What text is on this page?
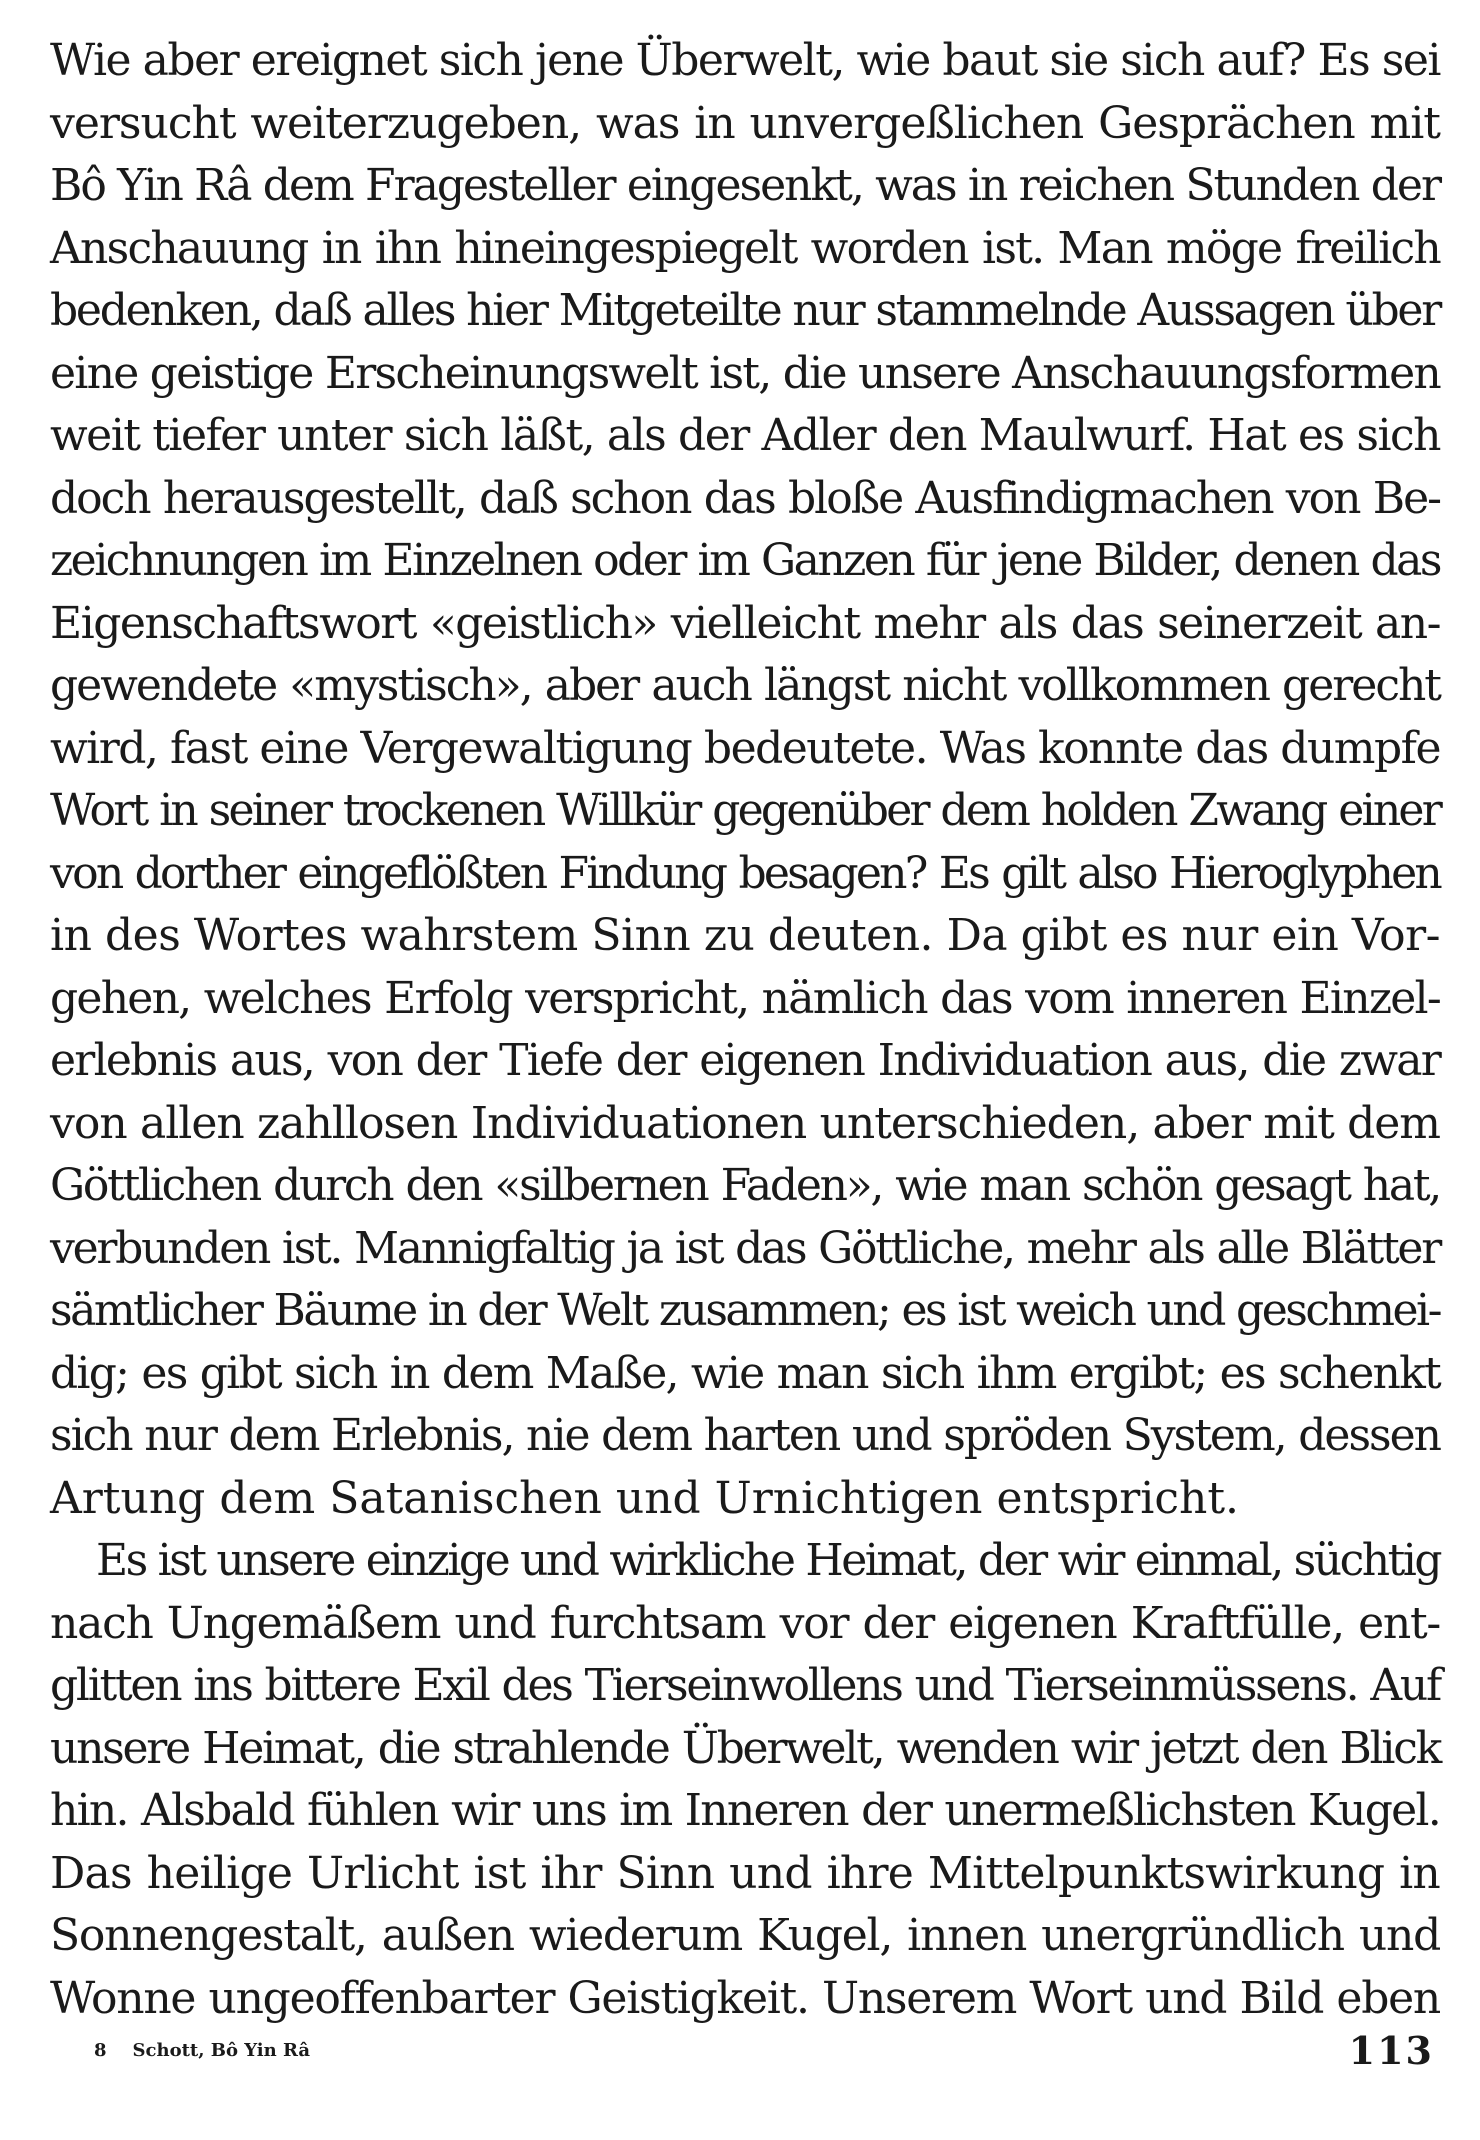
Wie aber ereignet sich jene Überwelt, wie baut sie sich auf? Es sei
versucht weiterzugeben, was in unvergeßlichen Gesprächen mit
Bô Yin Râ dem Fragesteller eingesenkt, was in reichen Stunden der
Anschauung in ihn hineingespiegelt worden ist. Man möge freilich
bedenken, daß alles hier Mitgeteilte nur stammelnde Aussagen über
eine geistige Erscheinungswelt ist, die unsere Anschauungsformen
weit tiefer unter sich läßt, als der Adler den Maulwurf. Hat es sich
doch herausgestellt, daß schon das bloße Ausfindigmachen von Be-
zeichnungen im Einzelnen oder im Ganzen für jene Bilder, denen das
Eigenschaftswort «geistlich» vielleicht mehr als das seinerzeit an-
gewendete «mystisch», aber auch längst nicht vollkommen gerecht
wird, fast eine Vergewaltigung bedeutete. Was konnte das dumpfe
Wort in seiner trockenen Willkür gegenüber dem holden Zwang einer
von dorther eingeflößten Findung besagen? Es gilt also Hieroglyphen
in des Wortes wahrstem Sinn zu deuten. Da gibt es nur ein Vor-
gehen, welches Erfolg verspricht, nämlich das vom inneren Einzel-
erlebnis aus, von der Tiefe der eigenen Individuation aus, die zwar
von allen zahllosen Individuationen unterschieden, aber mit dem
Göttlichen durch den «silbernen Faden», wie man schön gesagt hat,
verbunden ist. Mannigfaltig ja ist das Göttliche, mehr als alle Blätter
sämtlicher Bäume in der Welt zusammen; es ist weich und geschmei-
dig; es gibt sich in dem Maße, wie man sich ihm ergibt; es schenkt
sich nur dem Erlebnis, nie dem harten und spröden System, dessen
Artung dem Satanischen und Urnichtigen entspricht.

Es ist unsere einzige und wirkliche Heimat, der wir einmal, süchtig
nach Ungemäßem und furchtsam vor der eigenen Kraftfülle, ent-
glitten ins bittere Exil des Tierseinwollens und Tierseinmüssens. Auf
unsere Heimat, die strahlende Überwelt, wenden wir jetzt den Blick
hin. Alsbald fühlen wir uns im Inneren der unermeßlichsten Kugel.
Das heilige Urlicht ist ihr Sinn und ihre Mittelpunktswirkung in
Sonnengestalt, außen wiederum Kugel, innen unergründlich und
Wonne ungeoffenbarter Geistigkeit. Unserem Wort und Bild eben

8 Schott, Bô Yin Râ	113
